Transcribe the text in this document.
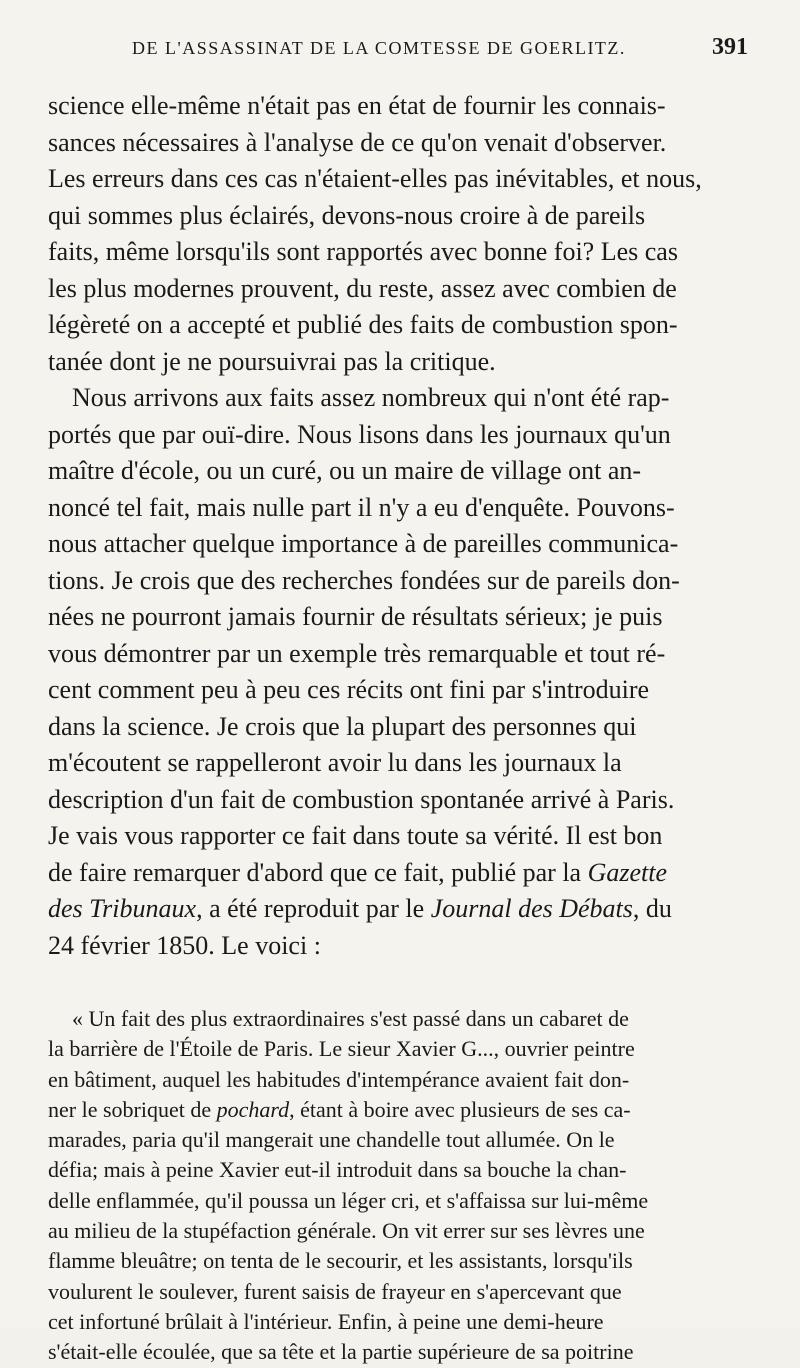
DE L'ASSASSINAT DE LA COMTESSE DE GOERLITZ.	391

science elle-même n'était pas en état de fournir les connais-
sances nécessaires à l'analyse de ce qu'on venait d'observer.
Les erreurs dans ces cas n'étaient-elles pas inévitables, et nous,
qui sommes plus éclairés, devons-nous croire à de pareils
faits, même lorsqu'ils sont rapportés avec bonne foi? Les cas
les plus modernes prouvent, du reste, assez avec combien de
légèreté on a accepté et publié des faits de combustion spon-
tanée dont je ne poursuivrai pas la critique.

Nous arrivons aux faits assez nombreux qui n'ont été rap-
portés que par ouï-dire. Nous lisons dans les journaux qu'un
maître d'école, ou un curé, ou un maire de village ont an-
noncé tel fait, mais nulle part il n'y a eu d'enquête. Pouvons-
nous attacher quelque importance à de pareilles communica-
tions. Je crois que des recherches fondées sur de pareils don-
nées ne pourront jamais fournir de résultats sérieux; je puis
vous démontrer par un exemple très remarquable et tout ré-
cent comment peu à peu ces récits ont fini par s'introduire
dans la science. Je crois que la plupart des personnes qui
m'écoutent se rappelleront avoir lu dans les journaux la
description d'un fait de combustion spontanée arrivé à Paris.
Je vais vous rapporter ce fait dans toute sa vérité. Il est bon
de faire remarquer d'abord que ce fait, publié par la Gazette
des Tribunaux, a été reproduit par le Journal des Débats, du
24 février 1850. Le voici :

« Un fait des plus extraordinaires s'est passé dans un cabaret de
la barrière de l'Étoile de Paris. Le sieur Xavier G..., ouvrier peintre
en bâtiment, auquel les habitudes d'intempérance avaient fait don-
ner le sobriquet de pochard, étant à boire avec plusieurs de ses ca-
marades, paria qu'il mangerait une chandelle tout allumée. On le
défia; mais à peine Xavier eut-il introduit dans sa bouche la chan-
delle enflammée, qu'il poussa un léger cri, et s'affaissa sur lui-même
au milieu de la stupéfaction générale. On vit errer sur ses lèvres une
flamme bleuâtre; on tenta de le secourir, et les assistants, lorsqu'ils
voulurent le soulever, furent saisis de frayeur en s'apercevant que
cet infortuné brûlait à l'intérieur. Enfin, à peine une demi-heure
s'était-elle écoulée, que sa tête et la partie supérieure de sa poitrine
